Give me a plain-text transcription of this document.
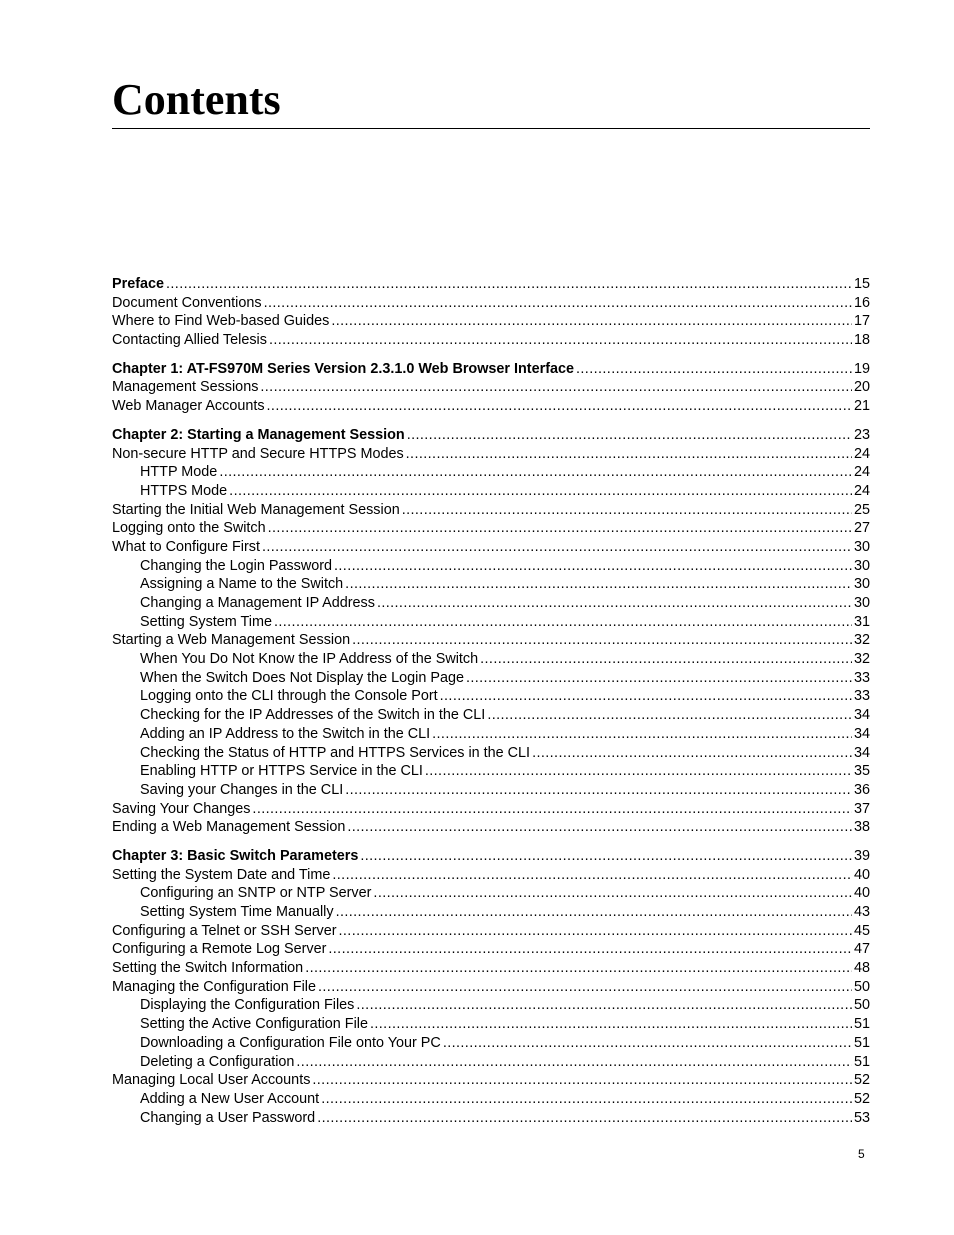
Contents
Preface .....	15
Document Conventions .....	16
Where to Find Web-based Guides .....	17
Contacting Allied Telesis .....	18
Chapter 1: AT-FS970M Series Version 2.3.1.0 Web Browser Interface .....	19
Management Sessions .....	20
Web Manager Accounts .....	21
Chapter 2: Starting a Management Session .....	23
Non-secure HTTP and Secure HTTPS Modes .....	24
HTTP Mode .....	24
HTTPS Mode .....	24
Starting the Initial Web Management Session .....	25
Logging onto the Switch .....	27
What to Configure First .....	30
Changing the Login Password .....	30
Assigning a Name to the Switch .....	30
Changing a Management IP Address .....	30
Setting System Time .....	31
Starting a Web Management Session .....	32
When You Do Not Know the IP Address of the Switch .....	32
When the Switch Does Not Display the Login Page .....	33
Logging onto the CLI through the Console Port .....	33
Checking for the IP Addresses of the Switch in the CLI .....	34
Adding an IP Address to the Switch in the CLI .....	34
Checking the Status of HTTP and HTTPS Services in the CLI .....	34
Enabling HTTP or HTTPS Service in the CLI .....	35
Saving your Changes in the CLI .....	36
Saving Your Changes .....	37
Ending a Web Management Session .....	38
Chapter 3: Basic Switch Parameters .....	39
Setting the System Date and Time .....	40
Configuring an SNTP or NTP Server .....	40
Setting System Time Manually .....	43
Configuring a Telnet or SSH Server .....	45
Configuring a Remote Log Server .....	47
Setting the Switch Information .....	48
Managing the Configuration File .....	50
Displaying the Configuration Files .....	50
Setting the Active Configuration File .....	51
Downloading a Configuration File onto Your PC .....	51
Deleting a Configuration .....	51
Managing Local User Accounts .....	52
Adding a New User Account .....	52
Changing a User Password .....	53
5
